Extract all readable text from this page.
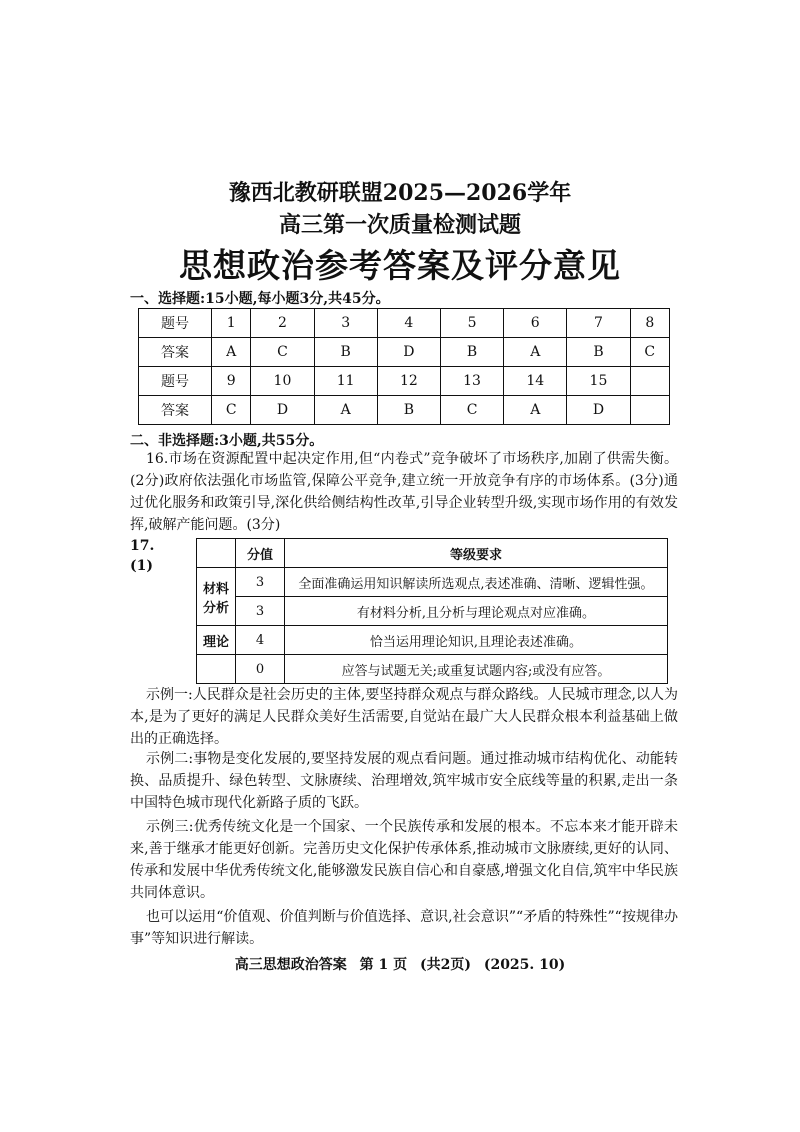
豫西北教研联盟2025—2026学年
高三第一次质量检测试题
思想政治参考答案及评分意见
一、选择题:15小题,每小题3分,共45分。
题号	1	2	3	4	5	6	7	8
答案	A	C	B	D	B	A	B	C
题号	9	10	11	12	13	14	15	
答案	C	D	A	B	C	A	D	
二、非选择题:3小题,共55分。
16.市场在资源配置中起决定作用,但“内卷式”竞争破坏了市场秩序,加剧了供需失衡。(2分)政府依法强化市场监管,保障公平竞争,建立统一开放竞争有序的市场体系。(3分)通过优化服务和政策引导,深化供给侧结构性改革,引导企业转型升级,实现市场作用的有效发挥,破解产能问题。(3分)
17.
(1)
	分值	等级要求

材料
分析	3	全面准确运用知识解读所选观点,表述准确、清晰、逻辑性强。
	3	有材料分析,且分析与理论观点对应准确。
理论	4	恰当运用理论知识,且理论表述准确。
	0	应答与试题无关;或重复试题内容;或没有应答。
示例一:人民群众是社会历史的主体,要坚持群众观点与群众路线。人民城市理念,以人为本,是为了更好的满足人民群众美好生活需要,自觉站在最广大人民群众根本利益基础上做出的正确选择。
示例二:事物是变化发展的,要坚持发展的观点看问题。通过推动城市结构优化、动能转换、品质提升、绿色转型、文脉赓续、治理增效,筑牢城市安全底线等量的积累,走出一条中国特色城市现代化新路子质的飞跃。
示例三:优秀传统文化是一个国家、一个民族传承和发展的根本。不忘本来才能开辟未来,善于继承才能更好创新。完善历史文化保护传承体系,推动城市文脉赓续,更好的认同、传承和发展中华优秀传统文化,能够激发民族自信心和自豪感,增强文化自信,筑牢中华民族共同体意识。
也可以运用“价值观、价值判断与价值选择、意识,社会意识”“矛盾的特殊性”“按规律办事”等知识进行解读。
高三思想政治答案 第 1 页 (共2页) (2025. 10)
